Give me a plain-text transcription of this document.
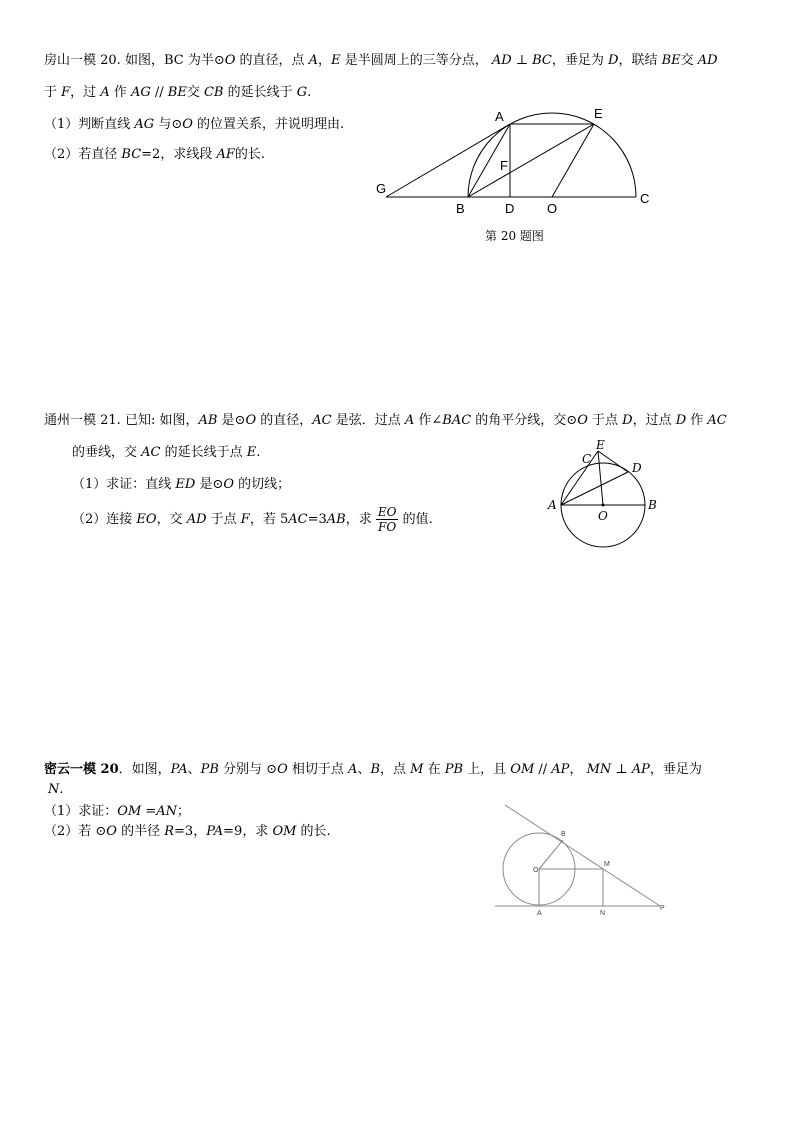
房山一模 20. 如图，BC 为半⊙O 的直径，点 A，E 是半圆周上的三等分点， AD ⊥ BC，垂足为 D，联结 BE交 AD
于 F，过 A 作 AG // BE交 CB 的延长线于 G.
（1）判断直线 AG 与⊙O 的位置关系，并说明理由.
（2）若直径 BC=2，求线段 AF的长.
A	E
F
G
B	D	O
C
第 20 题图
通州一模 21. 已知: 如图，AB 是⊙O 的直径，AC 是弦．过点 A 作∠BAC 的角平分线，交⊙O 于点 D，过点 D 作 AC
的垂线，交 AC 的延长线于点 E.
（1）求证：直线 ED 是⊙O 的切线；
（2）连接 EO，交 AD 于点 F，若 5AC=3AB，求 $\frac{EO}{FO}$ 的值.
E
C
D
A	B
O
密云一模 20．如图，PA、PB 分别与 ⊙O 相切于点 A、B，点 M 在 PB 上，且 OM // AP， MN ⊥ AP，垂足为
N.
（1）求证：OM =AN；
（2）若 ⊙O 的半径 R=3，PA=9，求 OM 的长.	B
M
O
A	N
P
